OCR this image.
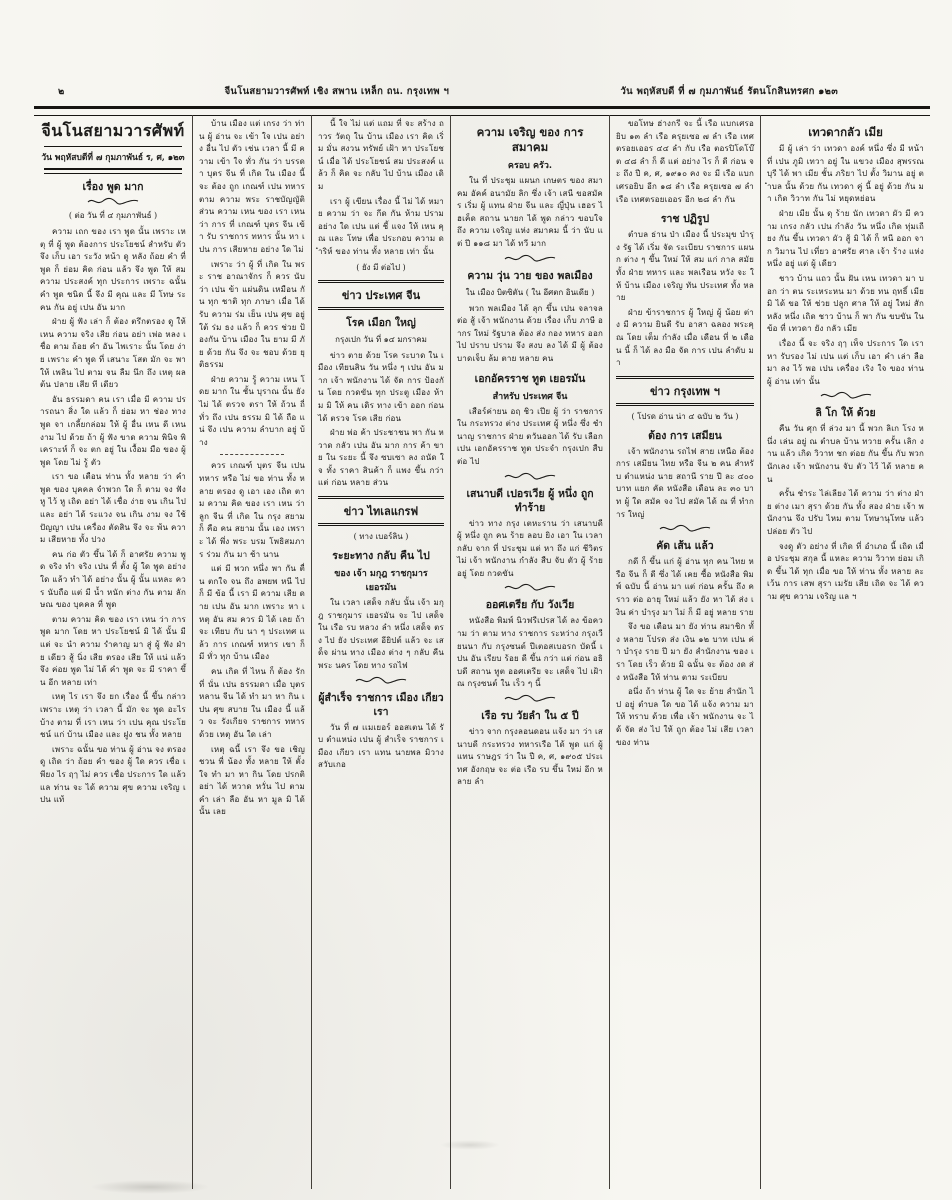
๒	จีนโนสยามวารศัพท์ เชิง สพาน เหล็ก ถน. กรุงเทพ ฯ	วัน พฤหัสบดี ที่ ๗ กุมภาพันธ์ รัตนโกสินทรศก ๑๒๓
จีนโนสยามวารศัพท์
วัน พฤหัสบดีที่ ๗ กุมภาพันธ์ ร, ศ, ๑๒๓
เรื่อง พูด มาก
( ต่อ วัน ที่ ๔ กุมภาพันธ์ )
ความ เถก ของ เรา พูด นั้น เพราะ เหตุ ที่ ผู้ พูด ต้องการ ประโยชน์ สำหรับ ตัว จึง เก็บ เอา ระวัง หน้า ดู หลัง ถ้อย คำ ที่ พูด ก็ ย่อม คิด ก่อน แล้ว จึง พูด ให้ สม ความ ประสงค์ ทุก ประการ เพราะ ฉนั้น คำ พูด ชนิด นี้ จึง มี คุณ และ มี โทษ ระคน กัน อยู่ เปน อัน มาก
ฝ่าย ผู้ ฟัง เล่า ก็ ต้อง ตรึกตรอง ดู ให้ เหน ความ จริง เสีย ก่อน อย่า เพ่อ หลง เชื่อ ตาม ถ้อย คำ อัน ไพเราะ นั้น โดย ง่าย เพราะ คำ พูด ที่ เสนาะ โสต มัก จะ พา ให้ เพลิน ไป ตาม จน ลืม นึก ถึง เหตุ ผล ต้น ปลาย เสีย ที เดียว
อัน ธรรมดา คน เรา เมื่อ มี ความ ปรารถนา สิ่ง ใด แล้ว ก็ ย่อม หา ช่อง ทาง พูด จา เกลี้ยกล่อม ให้ ผู้ อื่น เหน ดี เหน งาม ไป ด้วย ถ้า ผู้ ฟัง ขาด ความ พินิจ พิเคราะห์ ก็ จะ ตก อยู่ ใน เงื้อม มือ ของ ผู้ พูด โดย ไม่ รู้ ตัว
เรา ขอ เตือน ท่าน ทั้ง หลาย ว่า คำ พูด ของ บุคคล จำพวก ใด ก็ ตาม จง ฟัง หู ไว้ หู เถิด อย่า ได้ เชื่อ ง่าย จน เกิน ไป และ อย่า ได้ ระแวง จน เกิน งาม จง ใช้ ปัญญา เปน เครื่อง ตัดสิน จึง จะ พ้น ความ เสียหาย ทั้ง ปวง
คน ก่อ ตัว ขึ้น ได้ ก็ อาศรัย ความ พูด จริง ทำ จริง เปน ที่ ตั้ง ผู้ ใด พูด อย่าง ใด แล้ว ทำ ได้ อย่าง นั้น ผู้ นั้น แหละ ควร นับถือ แต่ มี น้ำ หนัก ต่าง กัน ตาม ลักษณ ของ บุคคล ที่ พูด
ตาม ความ คิด ของ เรา เหน ว่า การ พูด มาก โดย หา ประโยชน์ มิ ได้ นั้น มี แต่ จะ นำ ความ รำคาญ มา สู่ ผู้ ฟัง ฝ่าย เดียว สู้ นิ่ง เสีย ตรอง เสีย ให้ แน่ แล้ว จึง ค่อย พูด ไม่ ได้ คำ พูด จะ มี ราคา ขึ้น อีก หลาย เท่า
เหตุ ไร เรา จึง ยก เรื่อง นี้ ขึ้น กล่าว เพราะ เหตุ ว่า เวลา นี้ มัก จะ พูด อะไร บ้าง ตาม ที่ เรา เหน ว่า เปน คุณ ประโยชน์ แก่ บ้าน เมือง และ ฝูง ชน ทั้ง หลาย
เพราะ ฉนั้น ขอ ท่าน ผู้ อ่าน จง ตรอง ดู เถิด ว่า ถ้อย คำ ของ ผู้ ใด ควร เชื่อ เพียง ไร ฤๅ ไม่ ควร เชื่อ ประการ ใด แล้ว แล ท่าน จะ ได้ ความ ศุข ความ เจริญ เปน แท้
บ้าน เมือง แต่ เกรง ว่า ท่าน ผู้ อ่าน จะ เข้า ใจ เปน อย่าง อื่น ไป ตัว เช่น เวลา นี้ มี ความ เข้า ใจ ทั่ว กัน ว่า บรรดา บุตร จีน ที่ เกิด ใน เมือง นี้ จะ ต้อง ถูก เกณฑ์ เปน ทหาร ตาม ความ พระ ราชบัญญัติ ส่วน ความ เหน ของ เรา เหน ว่า การ ที่ เกณฑ์ บุตร จีน เข้า รับ ราชการ ทหาร นั้น หา เปน การ เสียหาย อย่าง ใด ไม่
เพราะ ว่า ผู้ ที่ เกิด ใน พระ ราช อาณาจักร ก็ ควร นับ ว่า เปน ข้า แผ่นดิน เหมือน กัน ทุก ชาติ ทุก ภาษา เมื่อ ได้ รับ ความ ร่ม เย็น เปน ศุข อยู่ ใต้ ร่ม ธง แล้ว ก็ ควร ช่วย ป้องกัน บ้าน เมือง ใน ยาม มี ภัย ด้วย กัน จึง จะ ชอบ ด้วย ยุติธรรม
ฝ่าย ความ รู้ ความ เหน โดย มาก ใน ชั้น บุราณ นั้น ยัง ไม่ ได้ ตรวจ ตรา ให้ ถ้วน ถี่ ทั่ว ถึง เปน ธรรม มิ ได้ ถือ แน่ จึง เปน ความ ลำบาก อยู่ บ้าง
ควร เกณฑ์ บุตร จีน เปน ทหาร หรือ ไม่ ขอ ท่าน ทั้ง หลาย ตรอง ดู เอา เอง เถิด ตาม ความ คิด ของ เรา เหน ว่า ลูก จีน ที่ เกิด ใน กรุง สยาม ก็ คือ คน สยาม นั้น เอง เพราะ ได้ พึ่ง พระ บรม โพธิสมภาร ร่วม กัน มา ช้า นาน
แต่ มี พวก หนึ่ง พา กัน ตื่น ตกใจ จน ถึง อพยพ หนี ไป ก็ มี ข้อ นี้ เรา มี ความ เสีย ดาย เปน อัน มาก เพราะ หา เหตุ อัน สม ควร มิ ได้ เลย ถ้า จะ เทียบ กับ นา ๆ ประเทศ แล้ว การ เกณฑ์ ทหาร เขา ก็ มี ทั่ว ทุก บ้าน เมือง
คน เกิด ที่ ไหน ก็ ต้อง รัก ที่ นั่น เปน ธรรมดา เมื่อ บุตร หลาน จีน ได้ ทำ มา หา กิน เปน ศุข สบาย ใน เมือง นี้ แล้ว จะ รังเกียจ ราชการ ทหาร ด้วย เหตุ อัน ใด เล่า
เหตุ ฉนี้ เรา จึง ขอ เชิญ ชวน พี่ น้อง ทั้ง หลาย ให้ ตั้ง ใจ ทำ มา หา กิน โดย ปรกติ อย่า ได้ หวาด หวั่น ไป ตาม คำ เล่า ลือ อัน หา มูล มิ ได้ นั้น เลย
นี้ ใจ ไม่ แต่ แถม ที่ จะ สร้าง ถาวร วัตถุ ใน บ้าน เมือง เรา คิด เริ่ม มั่น สงวน ทรัพย์ เฝ้า หา ประโยชน์ เมื่อ ได้ ประโยชน์ สม ประสงค์ แล้ว ก็ คิด จะ กลับ ไป บ้าน เมือง เดิม
เรา ผู้ เขียน เรื่อง นี้ ไม่ ได้ หมาย ความ ว่า จะ กีด กัน ห้าม ปราม อย่าง ใด เปน แต่ ชี้ แจง ให้ เหน คุณ และ โทษ เพื่อ ประกอบ ความ ดำริห์ ของ ท่าน ทั้ง หลาย เท่า นั้น
( ยัง มี ต่อไป )
ข่าว ประเทศ จีน
โรค เมือก ใหญ่
กรุงเปก วัน ที่ ๑๔ มกราคม
ข่าว ตาย ด้วย โรค ระบาด ใน เมือง เทียนสิน วัน หนึ่ง ๆ เปน อัน มาก เจ้า พนักงาน ได้ จัด การ ป้องกัน โดย กวดขัน ทุก ประตู เมือง ห้าม มิ ให้ คน เดิร ทาง เข้า ออก ก่อน ได้ ตรวจ โรค เสีย ก่อน
ฝ่าย พ่อ ค้า ประชาชน พา กัน หวาด กลัว เปน อัน มาก การ ค้า ขาย ใน ระยะ นี้ จึง ซบเซา ลง ถนัด ใจ ทั้ง ราคา สินค้า ก็ แพง ขึ้น กว่า แต่ ก่อน หลาย ส่วน
ข่าว ไทเลแกรฟ
( ทาง เบอร์ลิน )
ระยะทาง กลับ คืน ไป
ของ เจ้า มกุฎ ราชกุมาร เยอรมัน
ใน เวลา เสด็จ กลับ นั้น เจ้า มกุฎ ราชกุมาร เยอรมัน จะ ไป เสด็จ ใน เรือ รบ หลวง ลำ หนึ่ง เสด็จ ตรง ไป ยัง ประเทศ อียิปต์ แล้ว จะ เสด็จ ผ่าน ทาง เมือง ต่าง ๆ กลับ คืน พระ นคร โดย ทาง รถไฟ
ผู้สำเร็จ ราชการ เมือง เกียว เรา
วัน ที่ ๗ เเมเยอร์ ออสเตน ได้ รับ ตำแหน่ง เปน ผู้ สำเร็จ ราชการ เมือง เกียว เรา แทน นายพล มิวาง สวับเกอ
ความ เจริญ ของ การ สมาคม
ครอบ ครัว.
ใน ที่ ประชุม แผนก เกษตร ของ สมาคม อัคค์ อนามัย ลิก ซึ่ง เจ้า เสนี ขอสมัคร เริ่ม ผู้ แทน ฝ่าย จีน และ ญี่ปุ่น เฮอร ไฮเค็ด สถาน นายก ได้ พูด กล่าว ขอบใจ ถึง ความ เจริญ แห่ง สมาคม นี้ ว่า นับ แต่ ปี ๑๑๘ มา ได้ ทวี มาก
ความ วุ่น วาย ของ พลเมือง
ใน เมือง บิตซิตัน ( ใน อีศตก อินเดีย )
พวก พลเมือง ได้ ลุก ขึ้น เปน จลาจล ต่อ สู้ เจ้า พนักงาน ด้วย เรื่อง เก็บ ภาษี อากร ใหม่ รัฐบาล ต้อง ส่ง กอง ทหาร ออก ไป ปราบ ปราม จึง สงบ ลง ได้ มี ผู้ ต้อง บาดเจ็บ ล้ม ตาย หลาย คน
เอกอัครราช ทูต เยอรมัน
สำหรับ ประเทศ จีน
เสือร์ค่ายน อฤ ชิว เปีย ผู้ ว่า ราชการ ใน กระทรวง ต่าง ประเทศ ผู้ หนึ่ง ซึ่ง ชำนาญ ราชการ ฝ่าย ตวันออก ได้ รับ เลือก เปน เอกอัครราช ทูต ประจำ กรุงเปก สืบ ต่อ ไป
เสนาบดี เปอรเวีย ผู้ หนึ่ง ถูก ทำร้าย
ข่าว ทาง กรุง เตหะราน ว่า เสนาบดี ผู้ หนึ่ง ถูก คน ร้าย ลอบ ยิง เอา ใน เวลา กลับ จาก ที่ ประชุม แต่ หา ถึง แก่ ชีวิตร ไม่ เจ้า พนักงาน กำลัง สืบ จับ ตัว ผู้ ร้าย อยู่ โดย กวดขัน
ออศเตรีย กับ วังเวีย
หนังสือ พิมพ์ นิวฟรีเปรส ได้ ลง ข้อความ ว่า ตาม ทาง ราชการ ระหว่าง กรุงเวียนนา กับ กรุงซนต์ ปีเตอสเบอรก บัดนี้ เปน อัน เรียบ ร้อย ดี ขึ้น กว่า แต่ ก่อน อธิบดี สถาน ทูต ออศเตรีย จะ เสด็จ ไป เฝ้า ณ กรุงซนต์ ใน เร็ว ๆ นี้
เรือ รบ วัยลำ ใน ๕ ปี
ข่าว จาก กรุงลอนดอน แจ้ง มา ว่า เสนาบดี กระทรวง ทหารเรือ ได้ พูด แก่ ผู้ แทน ราษฎร ว่า ใน ปี ค, ศ, ๑๙๐๕ ประเทศ อังกฤษ จะ ต่อ เรือ รบ ขึ้น ใหม่ อีก หลาย ลำ
ขอโทษ ฮ่างกรี จะ นี้ เรือ แบกเศรอยิบ ๑๓ ลำ เรือ ครุยเซอ ๗ ลำ เรือ เทศตรอยเออร ๔๔ ลำ กับ เรือ ตอรปิโดโบ๊ต ๔๘ ลำ ก็ ดี แต่ อย่าง ไร ก็ ดี ก่อน จะ ถึง ปี ค, ศ, ๑๙๑๐ คง จะ มี เรือ แบกเศรอยิบ อีก ๑๘ ลำ เรือ ครุยเซอ ๗ ลำ เรือ เทศตรอยเออร อีก ๒๘ ลำ กัน
ราช ปฏิรูป
ตำบล ธ่าน ป่า เมือง นี้ ประมุข บำรุง รัฐ ได้ เริ่ม จัด ระเบียบ ราชการ แผนก ต่าง ๆ ขึ้น ใหม่ ให้ สม แก่ กาล สมัย ทั้ง ฝ่าย ทหาร และ พลเรือน หวัง จะ ให้ บ้าน เมือง เจริญ ทัน ประเทศ ทั้ง หลาย
ฝ่าย ข้าราชการ ผู้ ใหญ่ ผู้ น้อย ต่าง มี ความ ยินดี รับ อาสา ฉลอง พระคุณ โดย เต็ม กำลัง เมื่อ เดือน ที่ ๒ เดือน นี้ ก็ ได้ ลง มือ จัด การ เปน ลำดับ มา
ข่าว กรุงเทพ ฯ
( โปรด อ่าน น่า ๔ ฉบับ ๒ วัน )
ต้อง การ เสมียน
เจ้า พนักงาน รถไฟ สาย เหนือ ต้อง การ เสมียน ไทย หรือ จีน ๒ คน สำหรับ ตำแหน่ง นาย สถานี ราย ปี ละ ๔๐๐ บาท แยก คัด หนังสือ เดือน ละ ๓๐ บาท ผู้ ใด สมัค จง ไป สมัค ได้ ณ ที่ ทำการ ใหญ่
คัด เส้น แล้ว
กดี ก็ ขึ้น แก่ ผู้ อ่าน ทุก คน ไทย หรือ จีน ก็ ดี ซึ่ง ได้ เคย ซื้อ หนังสือ พิมพ์ ฉบับ นี้ อ่าน มา แต่ ก่อน ครั้น ถึง คราว ต่อ อายุ ใหม่ แล้ว ยัง หา ได้ ส่ง เงิน ค่า บำรุง มา ไม่ ก็ มี อยู่ หลาย ราย
จึง ขอ เตือน มา ยัง ท่าน สมาชิก ทั้ง หลาย โปรด ส่ง เงิน ๑๒ บาท เปน ค่า บำรุง ราย ปี มา ยัง สำนักงาน ของ เรา โดย เร็ว ด้วย มิ ฉนั้น จะ ต้อง งด ส่ง หนังสือ ให้ ท่าน ตาม ระเบียบ
อนึ่ง ถ้า ท่าน ผู้ ใด จะ ย้าย สำนัก ไป อยู่ ตำบล ใด ขอ ได้ แจ้ง ความ มา ให้ ทราบ ด้วย เพื่อ เจ้า พนักงาน จะ ได้ จัด ส่ง ไป ให้ ถูก ต้อง ไม่ เสีย เวลา ของ ท่าน
เทวดากลัว เมีย
มี ผู้ เล่า ว่า เทวดา องค์ หนึ่ง ซึ่ง มี หน้า ที่ เปน ภูมิ เทวา อยู่ ใน แขวง เมือง สุพรรณบุรี ได้ พา เมีย ชั้น ภริยา ไป ตั้ง วิมาน อยู่ ตำบล นั้น ด้วย กัน เทวดา คู่ นี้ อยู่ ด้วย กัน มา เกิด วิวาท กัน ไม่ หยุดหย่อน
ฝ่าย เมีย นั้น ดุ ร้าย นัก เทวดา ผัว มี ความ เกรง กลัว เปน กำลัง วัน หนึ่ง เกิด ทุ่มเถียง กัน ขึ้น เทวดา ผัว สู้ มิ ได้ ก็ หนี ออก จาก วิมาน ไป เที่ยว อาศรัย ศาล เจ้า ร้าง แห่ง หนึ่ง อยู่ แต่ ผู้ เดียว
ชาว บ้าน แถว นั้น ฝัน เหน เทวดา มา บอก ว่า ตน ระเหระหน มา ด้วย ทน ฤทธิ์ เมีย มิ ได้ ขอ ให้ ช่วย ปลูก ศาล ให้ อยู่ ใหม่ สัก หลัง หนึ่ง เถิด ชาว บ้าน ก็ พา กัน ขบขัน ใน ข้อ ที่ เทวดา ยัง กลัว เมีย
เรื่อง นี้ จะ จริง ฤๅ เท็จ ประการ ใด เรา หา รับรอง ไม่ เปน แต่ เก็บ เอา คำ เล่า ลือ มา ลง ไว้ พอ เปน เครื่อง เริง ใจ ของ ท่าน ผู้ อ่าน เท่า นั้น
ลิ โก ให้ ด้วย
คืน วัน ศุก ที่ ล่วง มา นี้ พวก ลิเก โรง หนึ่ง เล่น อยู่ ณ ตำบล บ้าน ทวาย ครั้น เลิก งาน แล้ว เกิด วิวาท ชก ต่อย กัน ขึ้น กับ พวก นักเลง เจ้า พนักงาน จับ ตัว ไว้ ได้ หลาย คน
ครั้น ชำระ ไล่เลียง ได้ ความ ว่า ต่าง ฝ่าย ต่าง เมา สุรา ด้วย กัน ทั้ง สอง ฝ่าย เจ้า พนักงาน จึง ปรับ ไหม ตาม โทษานุโทษ แล้ว ปล่อย ตัว ไป
จงดู ตัว อย่าง ที่ เกิด ที่ อำเภอ นี้ เถิด เมื่อ ประชุม สกุล นี้ แหละ ความ วิวาท ย่อม เกิด ขึ้น ได้ ทุก เมื่อ ขอ ให้ ท่าน ทั้ง หลาย ละ เว้น การ เสพ สุรา เมรัย เสีย เถิด จะ ได้ ความ ศุข ความ เจริญ แล ฯ
